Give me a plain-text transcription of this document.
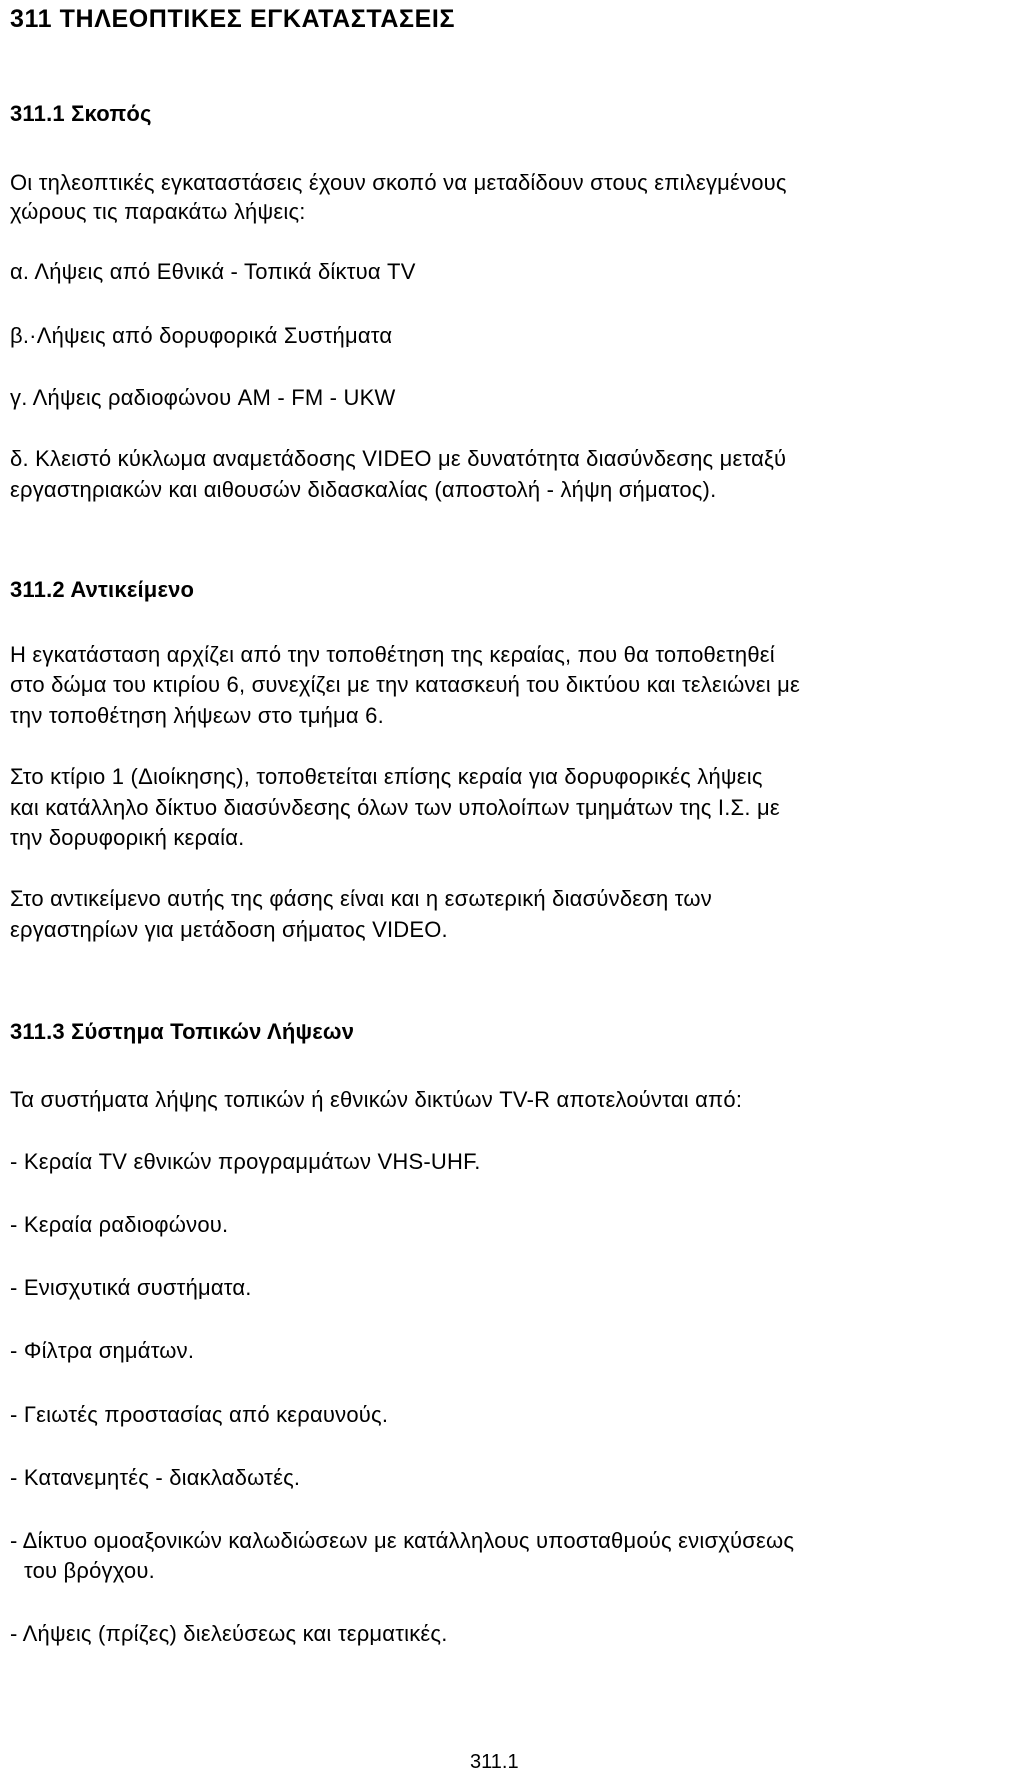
311 ΤΗΛΕΟΠΤΙΚΕΣ ΕΓΚΑΤΑΣΤΑΣΕΙΣ
311.1 Σκοπός
Οι τηλεοπτικές εγκαταστάσεις έχουν σκοπό να μεταδίδουν στους επιλεγμένους
χώρους τις παρακάτω λήψεις:
α. Λήψεις από Εθνικά - Τοπικά δίκτυα TV
β.·Λήψεις από δορυφορικά Συστήματα
γ. Λήψεις ραδιοφώνου AM - FM - UKW
δ. Κλειστό κύκλωμα αναμετάδοσης VIDEO με δυνατότητα διασύνδεσης μεταξύ
εργαστηριακών και αιθουσών διδασκαλίας (αποστολή - λήψη σήματος).
311.2 Αντικείμενο
Η εγκατάσταση αρχίζει από την τοποθέτηση της κεραίας, που θα τοποθετηθεί
στο δώμα του κτιρίου 6, συνεχίζει με την κατασκευή του δικτύου και τελειώνει με
την τοποθέτηση λήψεων στο τμήμα 6.
Στο κτίριο 1 (Διοίκησης), τοποθετείται επίσης κεραία για δορυφορικές λήψεις
και κατάλληλο δίκτυο διασύνδεσης όλων των υπολοίπων τμημάτων της Ι.Σ. με
την δορυφορική κεραία.
Στο αντικείμενο αυτής της φάσης είναι και η εσωτερική διασύνδεση των
εργαστηρίων για μετάδοση σήματος VIDEO.
311.3 Σύστημα Τοπικών Λήψεων
Τα συστήματα λήψης τοπικών ή εθνικών δικτύων TV-R αποτελούνται από:
- Κεραία TV εθνικών προγραμμάτων VHS-UHF.
- Κεραία ραδιοφώνου.
- Ενισχυτικά συστήματα.
- Φίλτρα σημάτων.
- Γειωτές προστασίας από κεραυνούς.
- Κατανεμητές - διακλαδωτές.
- Δίκτυο ομοαξονικών καλωδιώσεων με κατάλληλους υποσταθμούς ενισχύσεως
του βρόγχου.
- Λήψεις (πρίζες) διελεύσεως και τερματικές.
311.1
